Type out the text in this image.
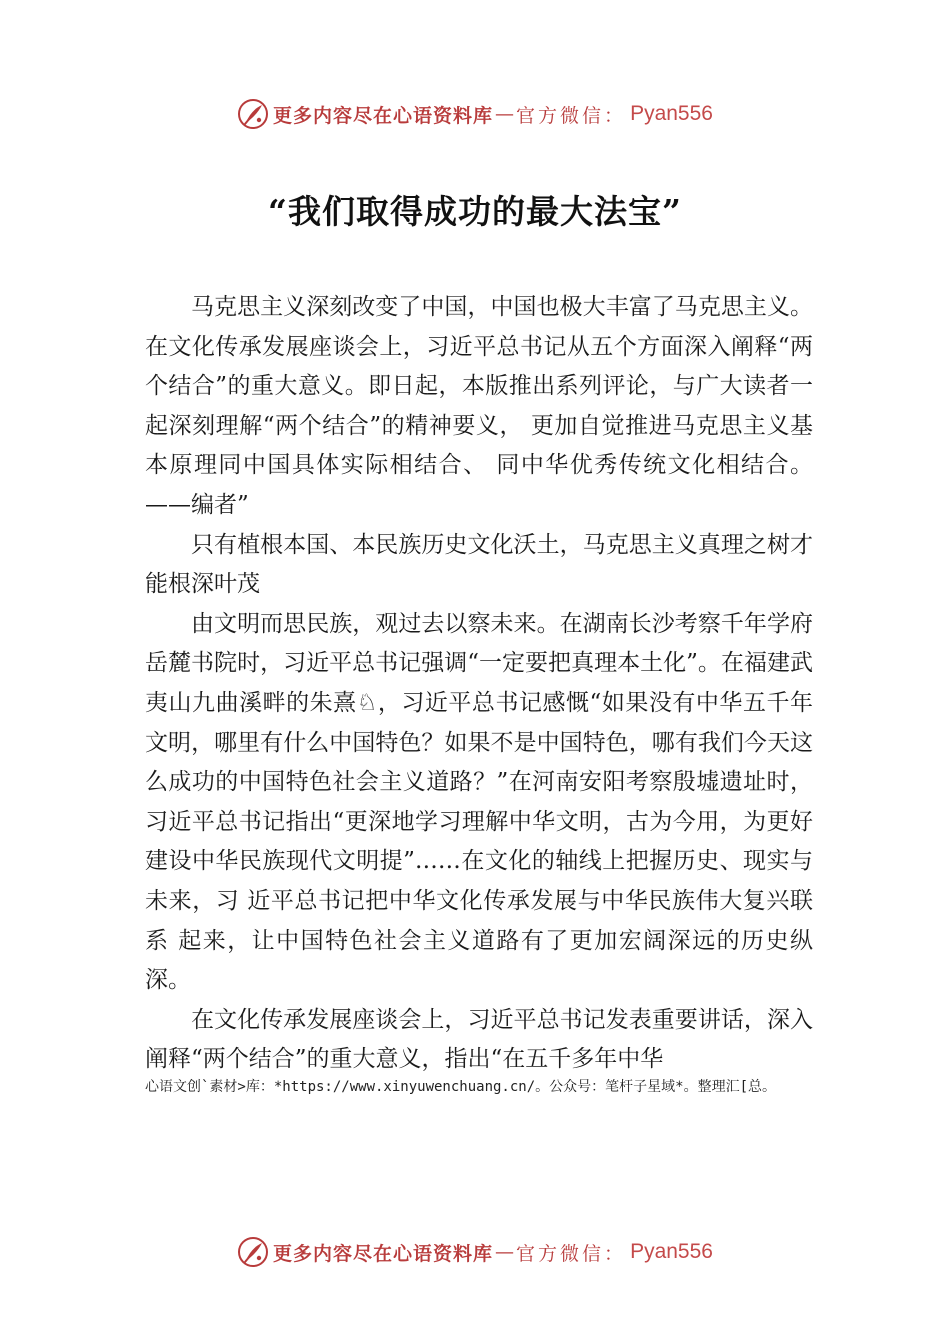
更多内容尽在心语资料库 — 官方微信： Pyan556
“我们取得成功的最大法宝”

马克思主义深刻改变了中国，中国也极大丰富了马克思主义。在文化传承发展座谈会上，习近平总书记从五个方面深入阐释“两个结合”的重大意义。即日起，本版推出系列评论，与广大读者一起深刻理解“两个结合”的精神要义， 更加自觉推进马克思主义基本原理同中国具体实际相结合、 同中华优秀传统文化相结合。——编者”

只有植根本国、本民族历史文化沃土，马克思主义真理之树才能根深叶茂

由文明而思民族，观过去以察未来。在湖南长沙考察千年学府岳麓书院时，习近平总书记强调“一定要把真理本土化”。在福建武夷山九曲溪畔的朱熹♘，习近平总书记感慨“如果没有中华五千年文明，哪里有什么中国特色？如果不是中国特色，哪有我们今天这么成功的中国特色社会主义道路？”在河南安阳考察殷墟遗址时，习近平总书记指出“更深地学习理解中华文明，古为今用，为更好建设中华民族现代文明提”……在文化的轴线上把握历史、现实与未来，习 近平总书记把中华文化传承发展与中华民族伟大复兴联系 起来，让中国特色社会主义道路有了更加宏阔深远的历史纵深。

在文化传承发展座谈会上，习近平总书记发表重要讲话，深入阐释“两个结合”的重大意义，指出“在五千多年中华

心语文创`素材>库：*https://www.xinyuwenchuang.cn/。公众号：笔杆子星域*。整理汇[总。
更多内容尽在心语资料库 — 官方微信： Pyan556
